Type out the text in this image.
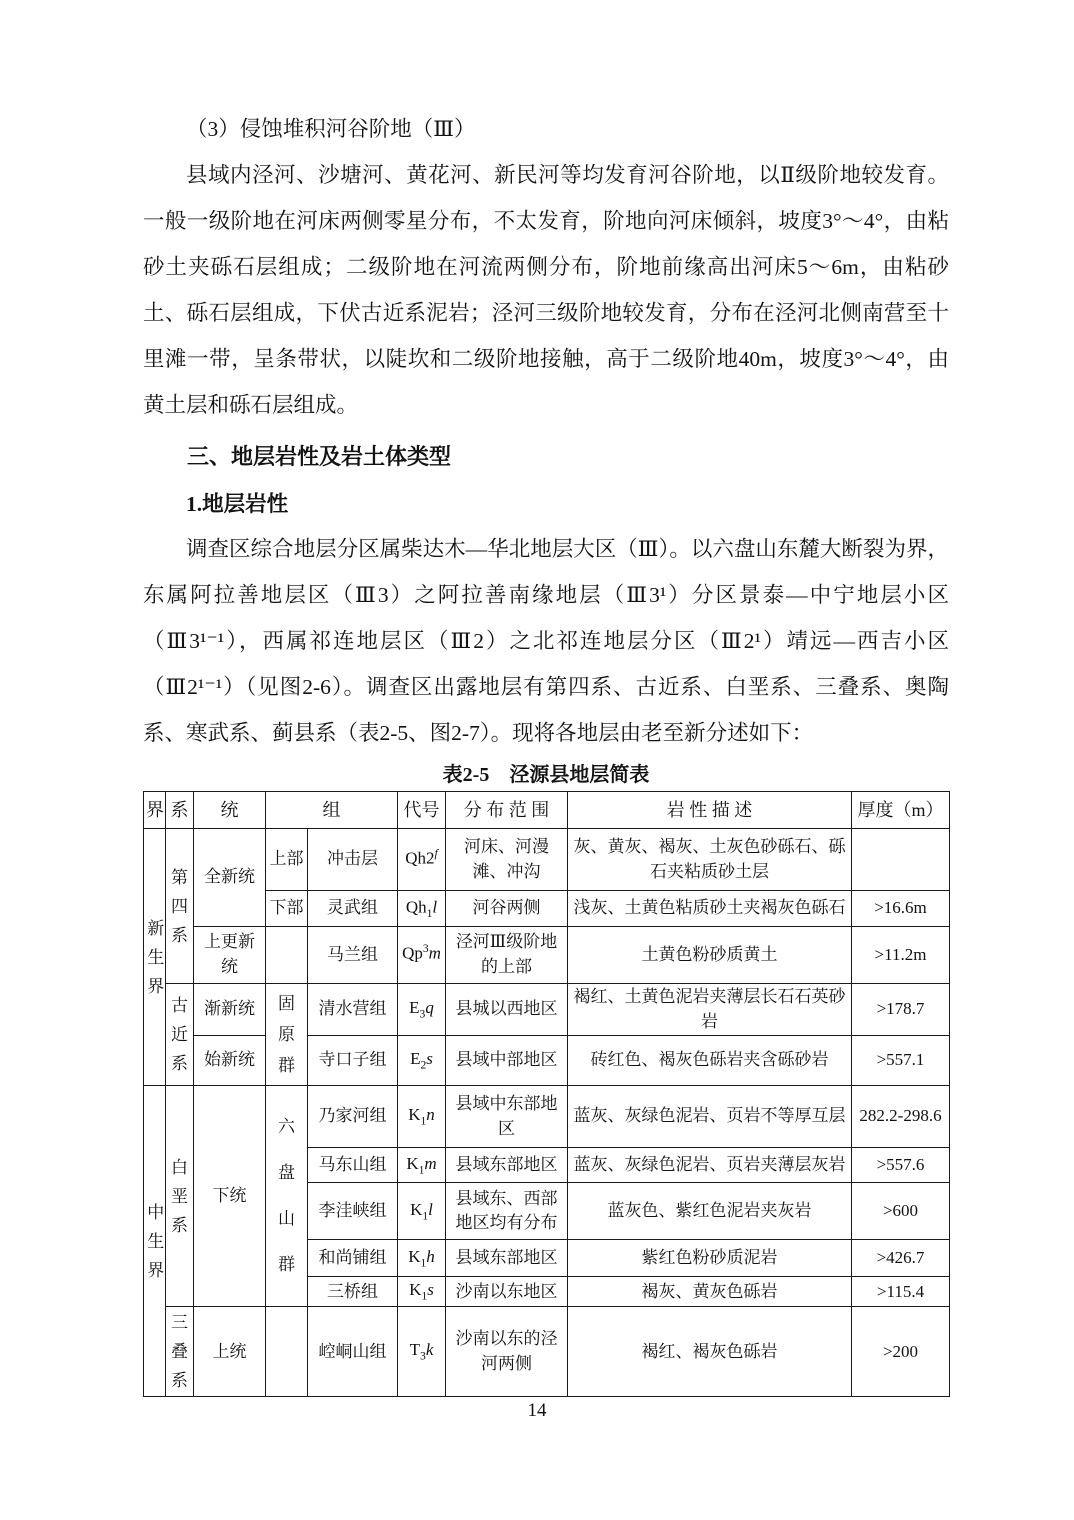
（3）侵蚀堆积河谷阶地（Ⅲ）

县域内泾河、沙塘河、黄花河、新民河等均发育河谷阶地，以Ⅱ级阶地较发育。一般一级阶地在河床两侧零星分布，不太发育，阶地向河床倾斜，坡度3°～4°，由粘砂土夹砾石层组成；二级阶地在河流两侧分布，阶地前缘高出河床5～6m，由粘砂土、砾石层组成，下伏古近系泥岩；泾河三级阶地较发育，分布在泾河北侧南营至十里滩一带，呈条带状，以陡坎和二级阶地接触，高于二级阶地40m，坡度3°～4°，由黄土层和砾石层组成。

三、地层岩性及岩土体类型
1.地层岩性

调查区综合地层分区属柴达木—华北地层大区（Ⅲ）。以六盘山东麓大断裂为界，东属阿拉善地层区（Ⅲ3）之阿拉善南缘地层（Ⅲ3¹）分区景泰—中宁地层小区（Ⅲ3¹⁻¹），西属祁连地层区（Ⅲ2）之北祁连地层分区（Ⅲ2¹）靖远—西吉小区（Ⅲ2¹⁻¹）（见图2-6）。调查区出露地层有第四系、古近系、白垩系、三叠系、奥陶系、寒武系、蓟县系（表2-5、图2-7）。现将各地层由老至新分述如下：

表2-5　泾源县地层简表

界	系	统	组		代号	分 布 范 围	岩 性 描 述	厚度（m）

新生界	第四系	全新统	上部	冲击层	Qh2$^f$	河床、河漫滩、冲沟	灰、黄灰、褐灰、土灰色砂砾石、砾石夹粘质砂土层	
			下部	灵武组	$Qh_1l$	河谷两侧	浅灰、土黄色粘质砂土夹褐灰色砾石	>16.6m
		上更新统		马兰组	Qp$^3$m	泾河Ⅲ级阶地的上部	土黄色粉砂质黄土	>11.2m

	古近系	渐新统	固原群	清水营组	$E_3q$	县城以西地区	褐红、土黄色泥岩夹薄层长石石英砂岩	>178.7
		始新统		寺口子组	$E_2s$	县域中部地区	砖红色、褐灰色砾岩夹含砾砂岩	>557.1

中生界	白垩系	下统	六盘山群	乃家河组	$K_1n$	县域中东部地区	蓝灰、灰绿色泥岩、页岩不等厚互层	282.2-298.6
				马东山组	$K_1m$	县域东部地区	蓝灰、灰绿色泥岩、页岩夹薄层灰岩	>557.6
				李洼峡组	$K_1l$	县域东、西部地区均有分布	蓝灰色、紫红色泥岩夹灰岩	>600
				和尚铺组	$K_1h$	县域东部地区	紫红色粉砂质泥岩	>426.7
				三桥组	$K_1s$	沙南以东地区	褐灰、黄灰色砾岩	>115.4

	三叠系	上统		崆峒山组	$T_3k$	沙南以东的泾河两侧	褐红、褐灰色砾岩	>200
14
